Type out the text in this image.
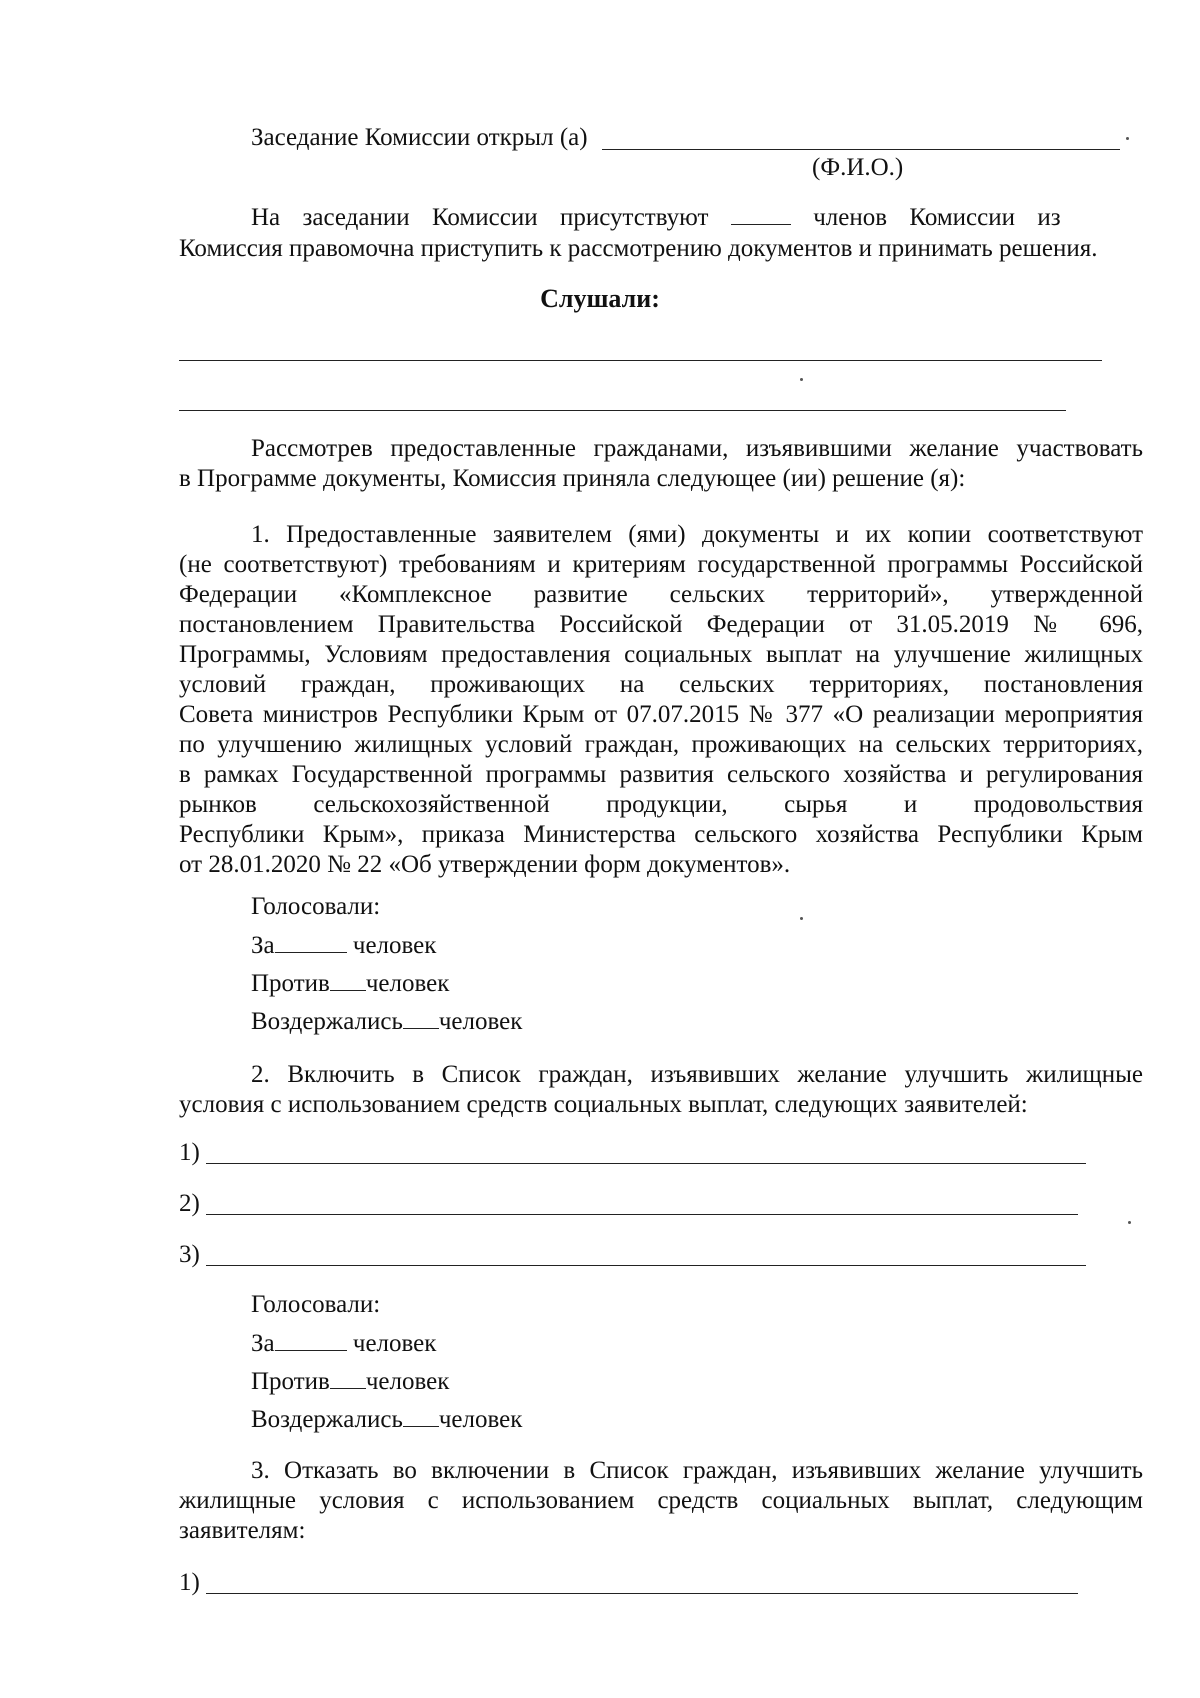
Заседание Комиссии открыл (а)
(Ф.И.О.)
На заседании Комиссии присутствуют	членов Комиссии из
Комиссия правомочна приступить к рассмотрению документов и принимать решения.
Слушали:
Рассмотрев предоставленные гражданами, изъявившими желание участвовать
в Программе документы, Комиссия приняла следующее (ии) решение (я):
1. Предоставленные заявителем (ями) документы и их копии соответствуют
(не соответствуют) требованиям и критериям государственной программы Российской
Федерации «Комплексное развитие сельских территорий», утвержденной
постановлением Правительства Российской Федерации от 31.05.2019 № 696,
Программы, Условиям предоставления социальных выплат на улучшение жилищных
условий граждан, проживающих на сельских территориях, постановления
Совета министров Республики Крым от 07.07.2015 № 377 «О реализации мероприятия
по улучшению жилищных условий граждан, проживающих на сельских территориях,
в рамках Государственной программы развития сельского хозяйства и регулирования
рынков сельскохозяйственной продукции, сырья и продовольствия
Республики Крым», приказа Министерства сельского хозяйства Республики Крым
от 28.01.2020 № 22 «Об утверждении форм документов».
Голосовали:
За	человек
Против человек
Воздержались человек
2. Включить в Список граждан, изъявивших желание улучшить жилищные
условия с использованием средств социальных выплат, следующих заявителей:
1)
2)
3)
Голосовали:
За	человек
Против человек
Воздержались человек
3. Отказать во включении в Список граждан, изъявивших желание улучшить
жилищные условия с использованием средств социальных выплат, следующим
заявителям:
1)
